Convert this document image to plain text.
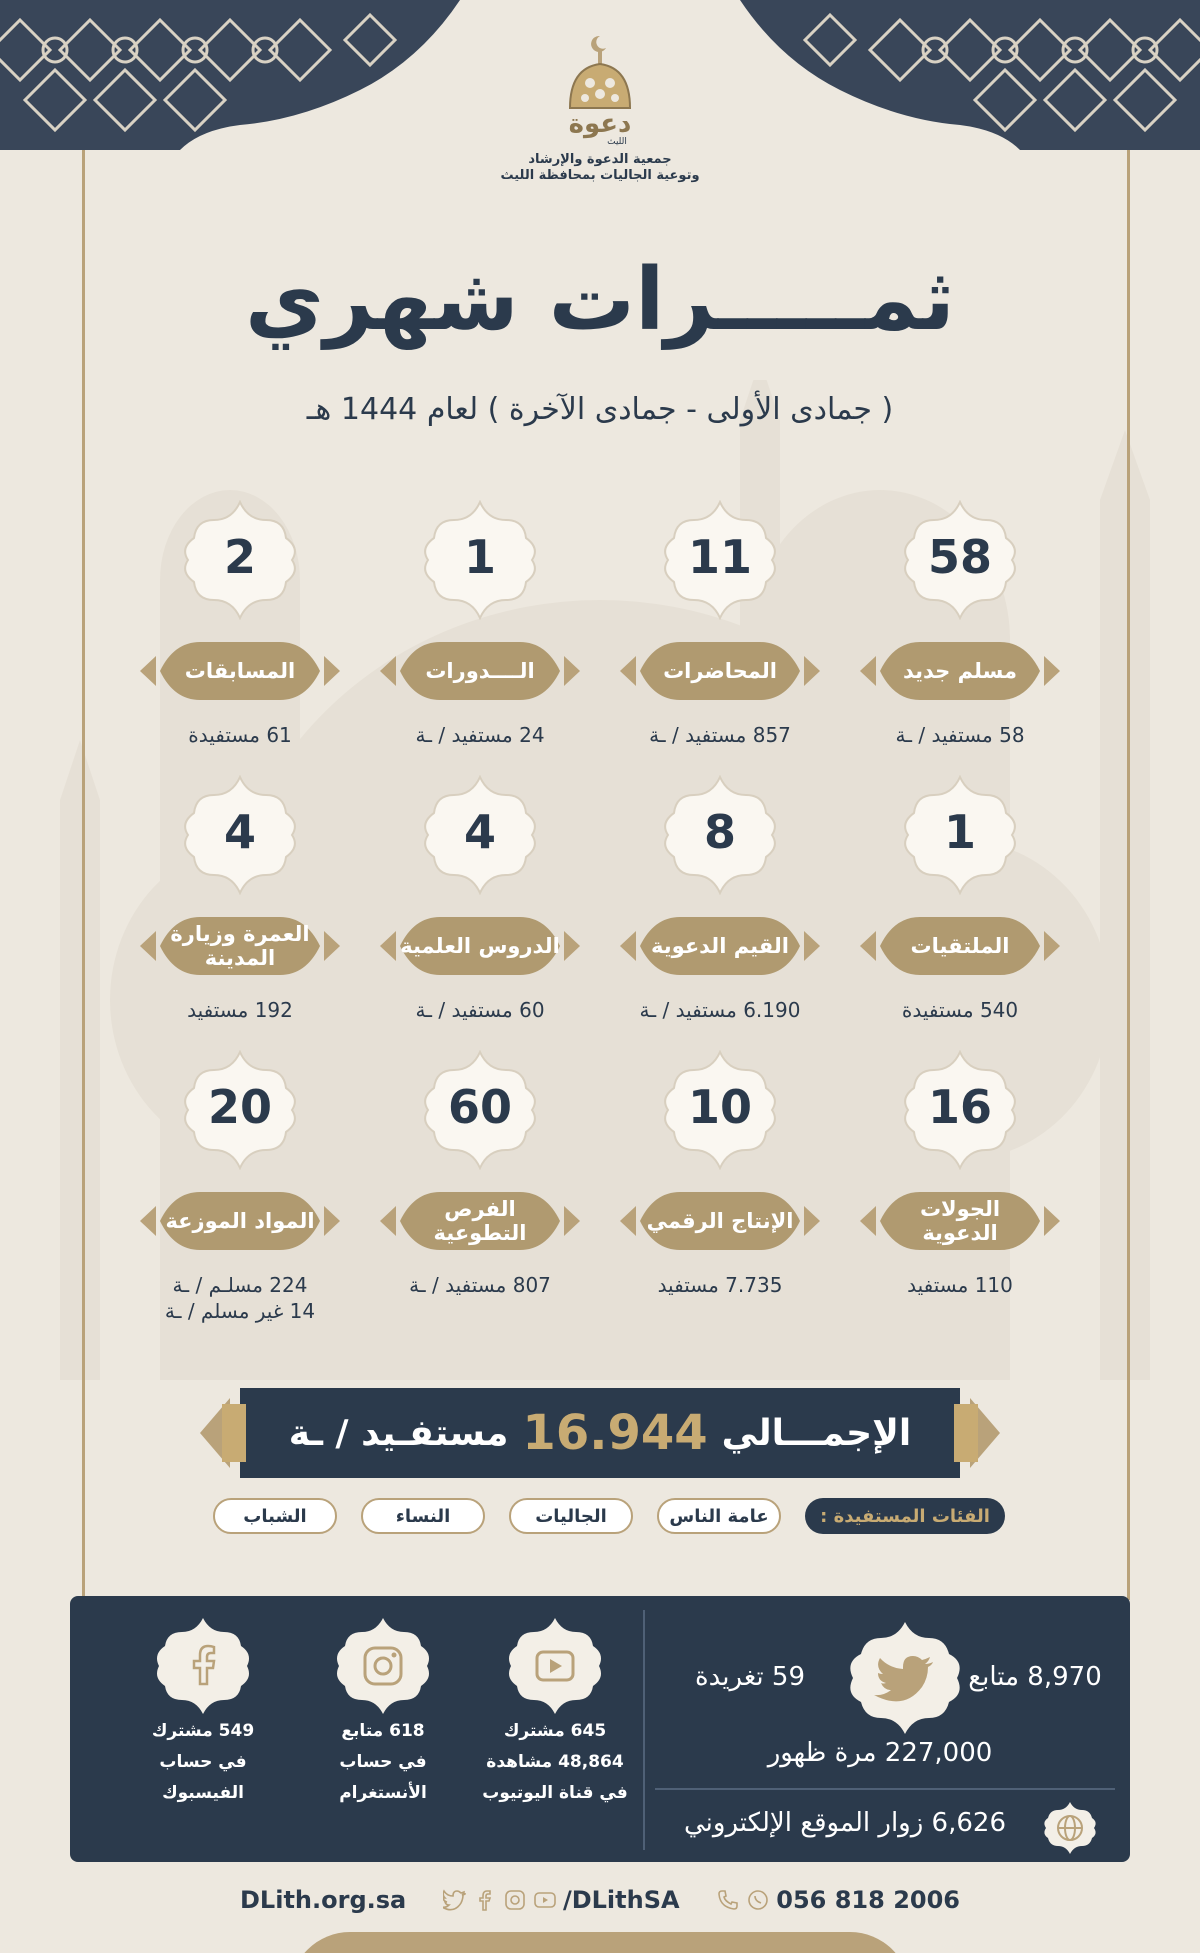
دعوة
الليث
جمعية الدعوة والإرشاد
وتوعية الجاليات بمحافظة الليث
ثمـــــرات شهري
( جمادى الأولى - جمادى الآخرة ) لعام 1444 هـ
58
مسلم جديد
58 مستفيد / ـة
11
المحاضرات
857 مستفيد / ـة
1
الــــدورات
24 مستفيد / ـة
2
المسابقات
61 مستفيدة
1
الملتقيات
540 مستفيدة
8
القيم الدعوية
6.190 مستفيد / ـة
4
الدروس العلمية
60 مستفيد / ـة
4
العمرة وزيارة المدينة
192 مستفيد
16
الجولات الدعوية
110 مستفيد
10
الإنتاج الرقمي
7.735 مستفيد
60
الفرص التطوعية
807 مستفيد / ـة
20
المواد الموزعة
224 مسلـم / ـة
14 غير مسلم / ـة
الإجمـــالي
16.944
مستفـيد / ـة
الفئات المستفيدة :
عامة الناس
الجاليات
النساء
الشباب
8,970 متابع
59 تغريدة
227,000 مرة ظهور
6,626 زوار الموقع الإلكتروني
645 مشترك
48,864 مشاهدة
في قناة اليوتيوب
618 متابع
في حساب
الأنستغرام
549 مشترك
في حساب
الفيسبوك
DLith.org.sa	/DLithSA	056 818 2006
